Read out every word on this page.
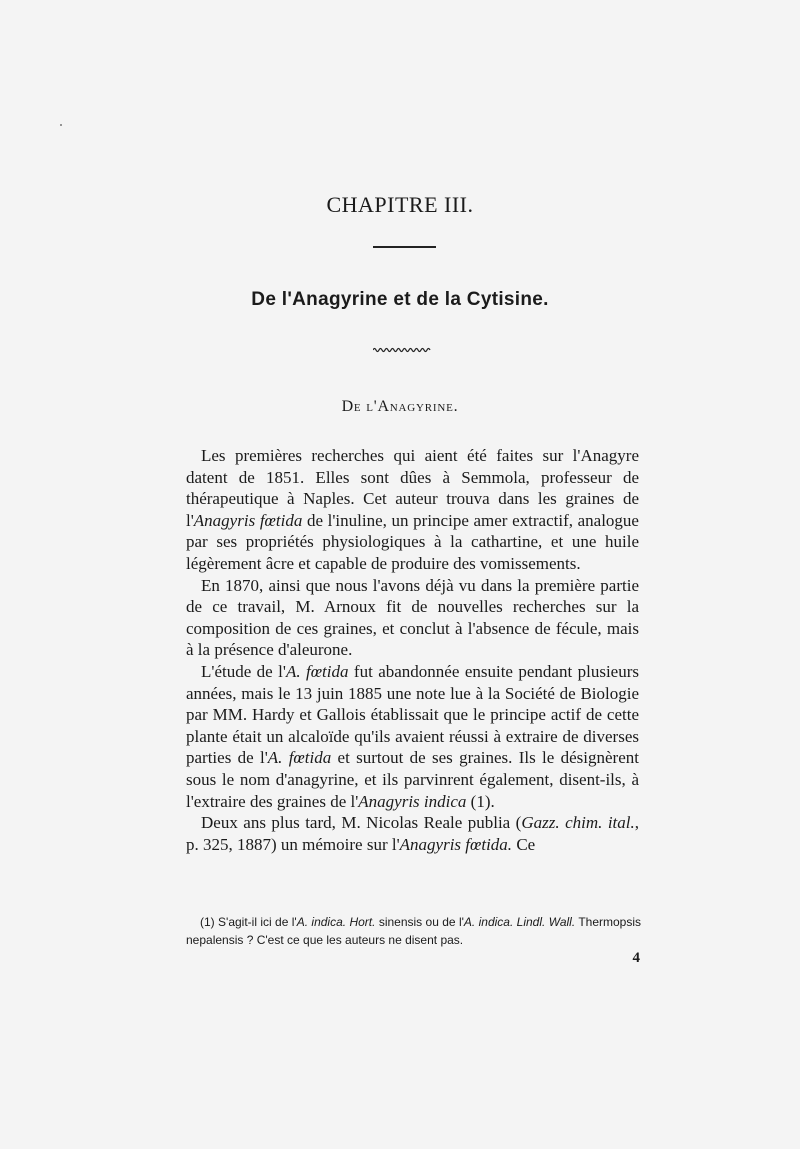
CHAPITRE III.
De l'Anagyrine et de la Cytisine.
De l'Anagyrine.

Les premières recherches qui aient été faites sur l'Anagyre datent de 1851. Elles sont dûes à Semmola, professeur de thérapeutique à Naples. Cet auteur trouva dans les graines de l'Anagyris fœtida de l'inuline, un principe amer extractif, analogue par ses propriétés physiologiques à la cathartine, et une huile légèrement âcre et capable de produire des vomissements.

En 1870, ainsi que nous l'avons déjà vu dans la première partie de ce travail, M. Arnoux fit de nouvelles recherches sur la composition de ces graines, et conclut à l'absence de fécule, mais à la présence d'aleurone.

L'étude de l'A. fœtida fut abandonnée ensuite pendant plusieurs années, mais le 13 juin 1885 une note lue à la Société de Biologie par MM. Hardy et Gallois établissait que le principe actif de cette plante était un alcaloïde qu'ils avaient réussi à extraire de diverses parties de l'A. fœtida et surtout de ses graines. Ils le désignèrent sous le nom d'anagyrine, et ils parvinrent également, disent-ils, à l'extraire des graines de l'Anagyris indica (1).

Deux ans plus tard, M. Nicolas Reale publia (Gazz. chim. ital., p. 325, 1887) un mémoire sur l'Anagyris fœtida. Ce

(1) S'agit-il ici de l'A. indica. Hort. sinensis ou de l'A. indica. Lindl. Wall. Thermopsis nepalensis ? C'est ce que les auteurs ne disent pas.

4
